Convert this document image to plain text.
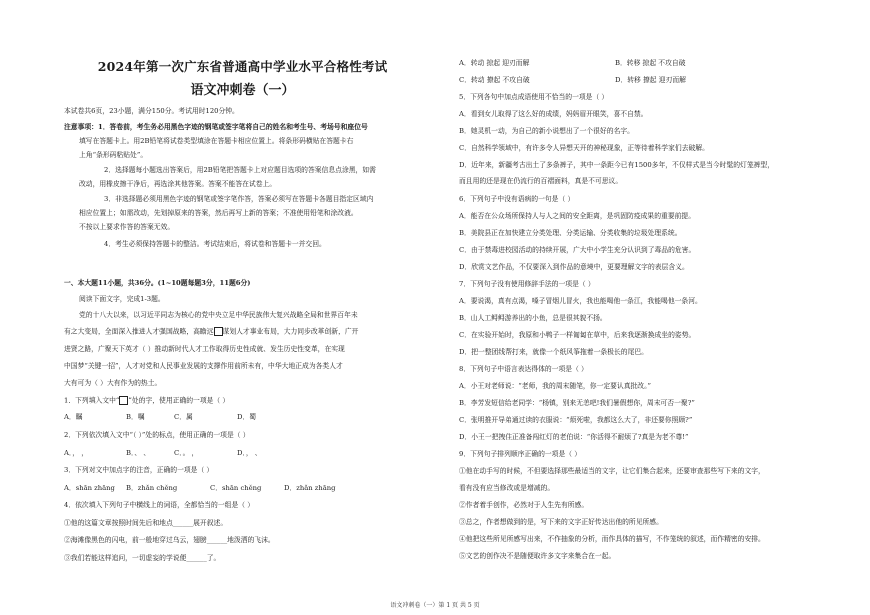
2024年第一次广东省普通高中学业水平合格性考试
语文冲刺卷（一）
本试卷共6页，23小题，满分150分。考试用时120分钟。
注意事项：1．答卷前，考生务必用黑色字迹的钢笔或签字笔将自己的姓名和考生号、考场号和座位号
填写在答题卡上。用2B铅笔将试卷类型填涂在答题卡相应位置上。将条形码横贴在答题卡右
上角“条形码粘贴处”。
2．选择题每小题选出答案后，用2B铅笔把答题卡上对应题目选项的答案信息点涂黑，如需
改动，用橡皮擦干净后，再选涂其他答案。答案不能答在试卷上。
3．非选择题必须用黑色字迹的钢笔或签字笔作答，答案必须写在答题卡各题目指定区域内
相应位置上；如需改动，先划掉原来的答案，然后再写上新的答案；不准使用铅笔和涂改液。
不按以上要求作答的答案无效。
4．考生必须保持答题卡的整洁。考试结束后，将试卷和答题卡一并交回。
一、本大题11小题，共36分。(1~10题每题3分，11题6分)
阅读下面文字，完成1-3题。
党的十八大以来，以习近平同志为核心的党中央立足中华民族伟大复兴战略全局和世界百年未
有之大变局，全面深入推进人才强国战略，高瞻远 谋划人才事业布局，大力同步改革创新，广开
进贤之路，广聚天下英才（ ）推动新时代人才工作取得历史性成就、发生历史性变革，在实现
中国梦“关键一招”，人才对党和人民事业发展的支撑作用前所未有，中华大地正成为各类人才
大有可为（ ）大有作为的热土。
1．下列填入文中“ ”处的字，使用正确的一项是（ ）
A．瞩	B．嘱	C．属	D．蜀
2．下列依次填入文中“（ ）”处的标点，使用正确的一项是（ ）
A．， ，	B．、 、	C．。 ，	D．， 、
3．下列对文中加点字的注音，正确的一项是（ ）
A．shān zhāng B．zhǎn chěng	C．shān chěng	D．zhǎn zhāng
4．依次填入下列句子中横线上的词语，全都恰当的一组是（ ）
①他的这篇文章按照时间先后和地点______展开叙述。
②海滩像黑色的闪电，前一般地穿过乌云，翅膀______地泼洒的飞沫。
③我们若能这样追问，一切虚妄的学说便______了。
A．转动 掠起 迎刃而解	B．转移 掠起 不攻自破
C．转动 撩起 不攻自破	D．转移 撩起 迎刃而解
5．下列各句中加点成语使用不恰当的一项是（ ）
A．看到女儿取得了这么好的成绩，妈妈眉开眼笑，喜不自禁。
B．她灵机一动，为自己的新小说想出了一个很好的名字。
C．自然科学领域中，有许多令人异想天开的神秘现象，正等待着科学家们去破解。
D．近年来，新疆考古出土了多条裤子，其中一条距今已有1500多年，不仅样式是当今时髦的灯笼裤型，
而且用的还是现在仍流行的百褶面料，真是不可思议。
6．下列句子中没有语病的一句是（ ）
A．能否在公众场所保持人与人之间的安全距离，是巩固防疫成果的重要前提。
B．美院县正在加快建立分类处理、分类运输、分类收集的垃圾处理系统。
C．由于禁毒进校园活动的持续开展，广大中小学生充分认识到了毒品的危害。
D．欣赏文艺作品，不仅要深入到作品的意境中，更要理解文字的表层含义。
7．下列句子没有使用修辞手法的一项是（ ）
A．要说渴，真有点渴，嗓子冒烟儿冒火，我也能喝他一条江，我能喝他一条河。
B．山人工鲟鲟游养出的小鱼，总是很其貌不扬。
C．在实验开始时，我原和小鸭子一样匍匐在草中，后来我逐渐换成坐的姿势。
D．把一整团线帮打来，就像一个纸风筝拖着一条极长的尾巴。
8．下列句子中语言表达得体的一项是（ ）
A．小王对老师说：“老师，我的周末随笔，你一定要认真批改。”
B．李芳发短信给老同学：“杨镇，别来无恙吧!我们暑假想你，周末可否一聚?”
C．张明推开导弟通过读的衣服说：“烦死啦，我都这么大了，非还要你照顾?”
D．小王一把拽住正准备闯红灯的老伯说：“你活得不耐烦了?真是为老不尊!”
9．下列句子排列顺序正确的一项是（ ）
①他在动手写的时候，不但要选择那些最适当的文字，让它们集合起来，还要审查那些写下来的文字，
看有没有应当修改或是增减的。
②作者着手创作，必然对于人生先有所感。
③总之，作者想做到的是，写下来的文字正好传达出他的所见所感。
④他把这些所见所感写出来，不作抽象的分析，而作具体的描写，不作笼统的叙述，而作精密的安排。
⑤文艺的创作决不是随便取许多文字来集合在一起。
语文冲刺卷（一）第 1 页 共 5 页
